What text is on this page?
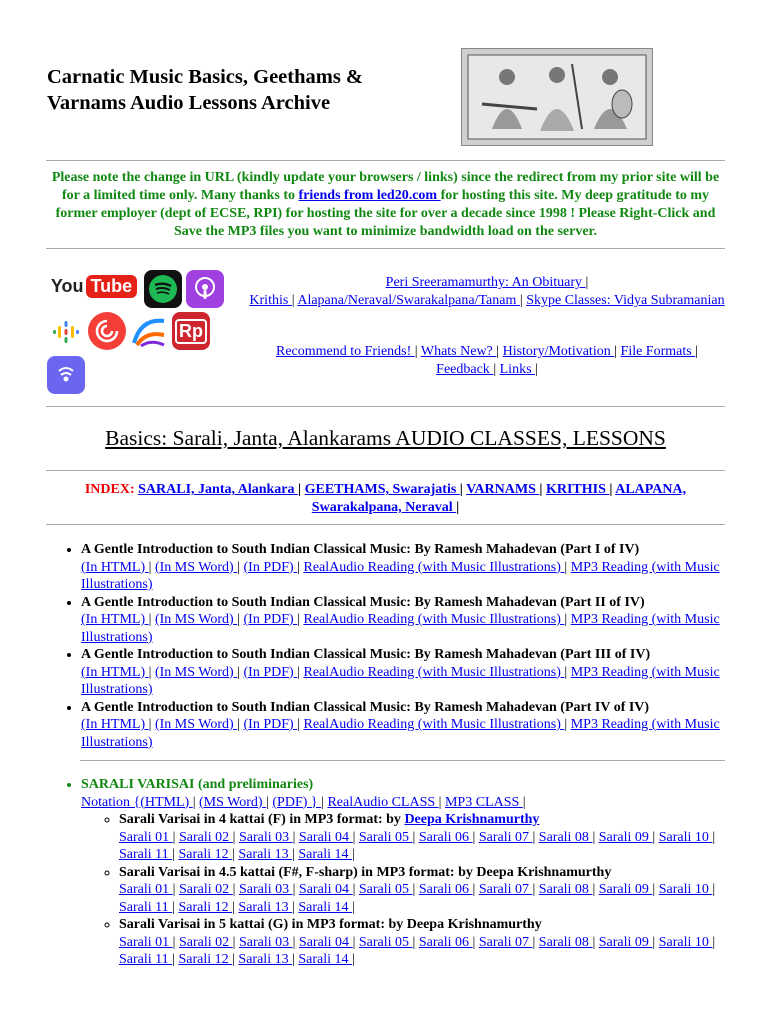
Carnatic Music Basics, Geethams & Varnams Audio Lessons Archive
Please note the change in URL (kindly update your browsers / links) since the redirect from my prior site will be for a limited time only. Many thanks to friends from led20.com for hosting this site. My deep gratitude to my former employer (dept of ECSE, RPI) for hosting the site for over a decade since 1998 ! Please Right-Click and Save the MP3 files you want to minimize bandwidth load on the server.
You Tube
Rp
Peri Sreeramamurthy: An Obituary |
Krithis | Alapana/Neraval/Swarakalpana/Tanam | Skype Classes: Vidya Subramanian
Recommend to Friends! | Whats New? | History/Motivation | File Formats |
Feedback | Links |
Basics: Sarali, Janta, Alankarams AUDIO CLASSES, LESSONS
INDEX: SARALI, Janta, Alankara | GEETHAMS, Swarajatis | VARNAMS | KRITHIS | ALAPANA, Swarakalpana, Neraval |
• A Gentle Introduction to South Indian Classical Music: By Ramesh Mahadevan (Part I of IV)
(In HTML) | (In MS Word) | (In PDF) | RealAudio Reading (with Music Illustrations) | MP3 Reading (with Music Illustrations)
• A Gentle Introduction to South Indian Classical Music: By Ramesh Mahadevan (Part II of IV)
(In HTML) | (In MS Word) | (In PDF) | RealAudio Reading (with Music Illustrations) | MP3 Reading (with Music Illustrations)
• A Gentle Introduction to South Indian Classical Music: By Ramesh Mahadevan (Part III of IV)
(In HTML) | (In MS Word) | (In PDF) | RealAudio Reading (with Music Illustrations) | MP3 Reading (with Music Illustrations)
• A Gentle Introduction to South Indian Classical Music: By Ramesh Mahadevan (Part IV of IV)
(In HTML) | (In MS Word) | (In PDF) | RealAudio Reading (with Music Illustrations) | MP3 Reading (with Music Illustrations)
• SARALI VARISAI (and preliminaries)
Notation {(HTML) | (MS Word) | (PDF) } | RealAudio CLASS | MP3 CLASS |
◦ Sarali Varisai in 4 kattai (F) in MP3 format: by Deepa Krishnamurthy
Sarali 01 | Sarali 02 | Sarali 03 | Sarali 04 | Sarali 05 | Sarali 06 | Sarali 07 | Sarali 08 | Sarali 09 | Sarali 10 | Sarali 11 | Sarali 12 | Sarali 13 | Sarali 14 |
◦ Sarali Varisai in 4.5 kattai (F#, F-sharp) in MP3 format: by Deepa Krishnamurthy
Sarali 01 | Sarali 02 | Sarali 03 | Sarali 04 | Sarali 05 | Sarali 06 | Sarali 07 | Sarali 08 | Sarali 09 | Sarali 10 | Sarali 11 | Sarali 12 | Sarali 13 | Sarali 14 |
◦ Sarali Varisai in 5 kattai (G) in MP3 format: by Deepa Krishnamurthy
Sarali 01 | Sarali 02 | Sarali 03 | Sarali 04 | Sarali 05 | Sarali 06 | Sarali 07 | Sarali 08 | Sarali 09 | Sarali 10 | Sarali 11 | Sarali 12 | Sarali 13 | Sarali 14 |
